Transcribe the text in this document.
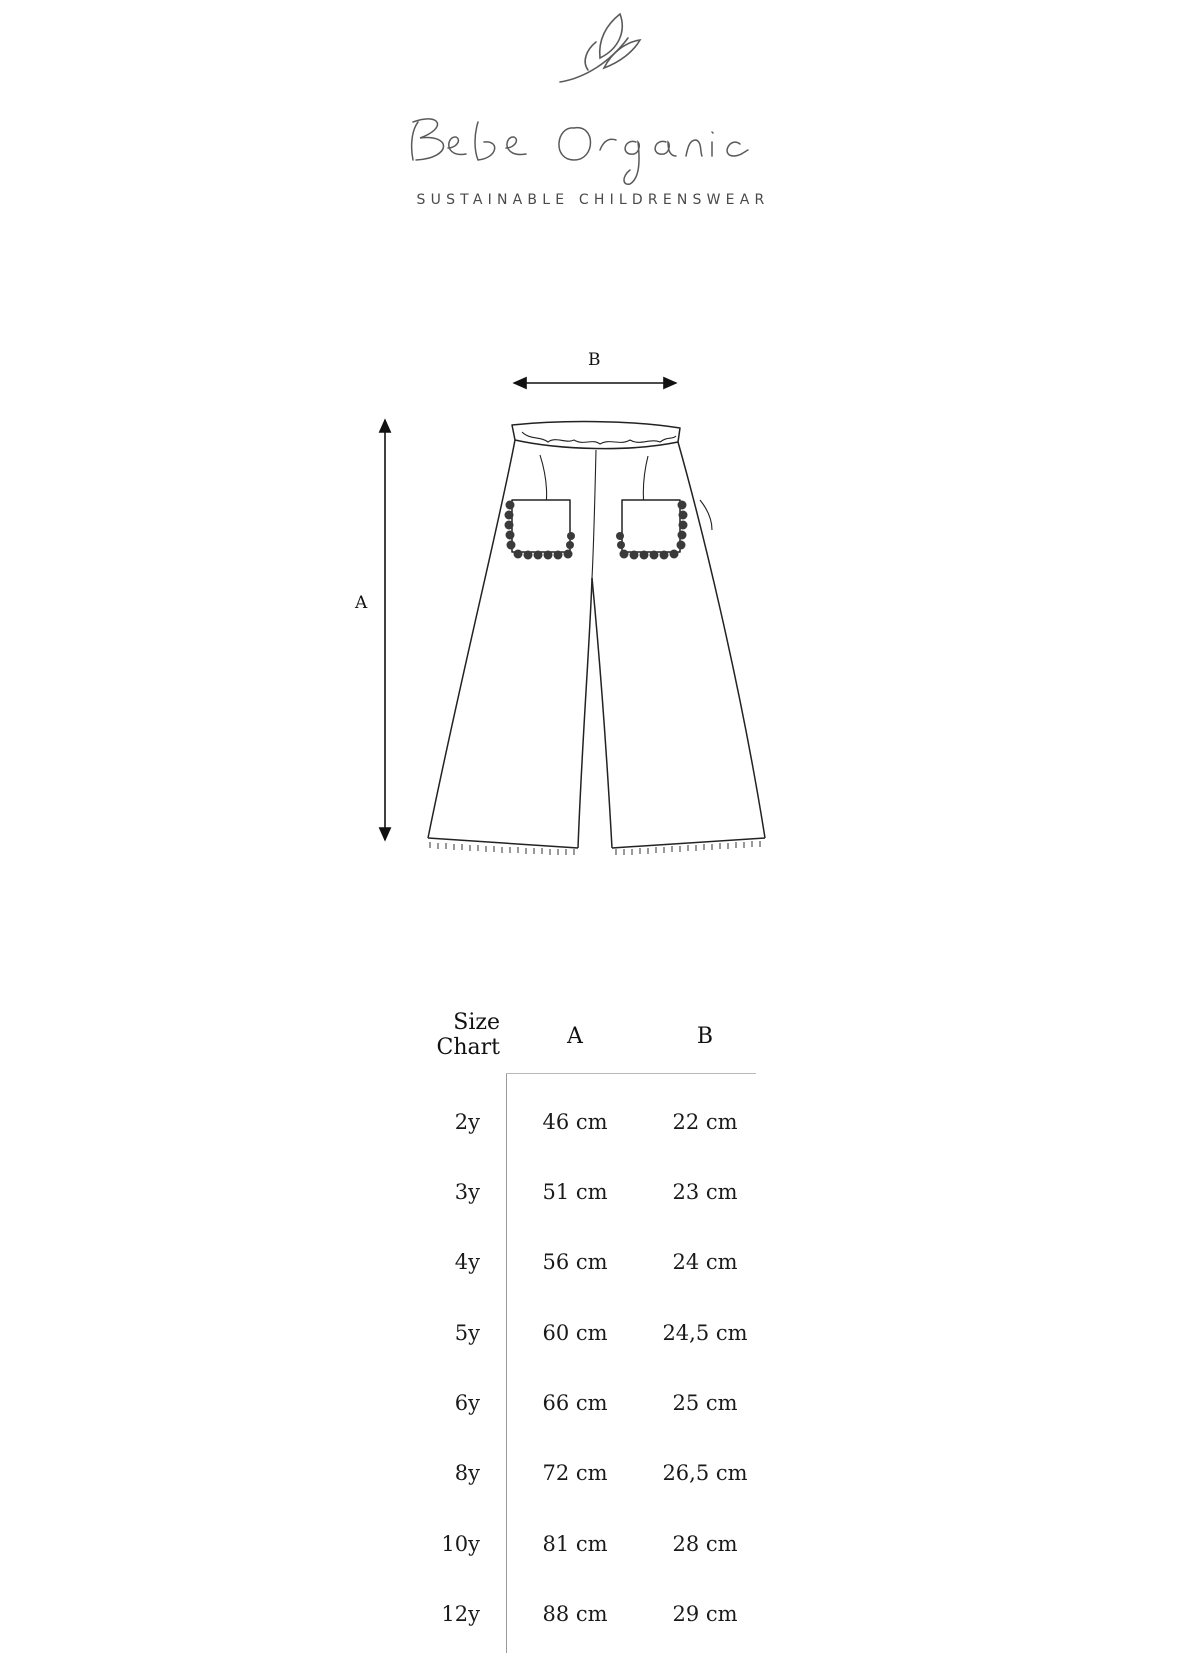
SUSTAINABLE CHILDRENSWEAR
B
A
Size
Chart	A	B
2y	46 cm	22 cm
3y	51 cm	23 cm
4y	56 cm	24 cm
5y	60 cm	24,5 cm
6y	66 cm	25 cm
8y	72 cm	26,5 cm
10y	81 cm	28 cm
12y	88 cm	29 cm
